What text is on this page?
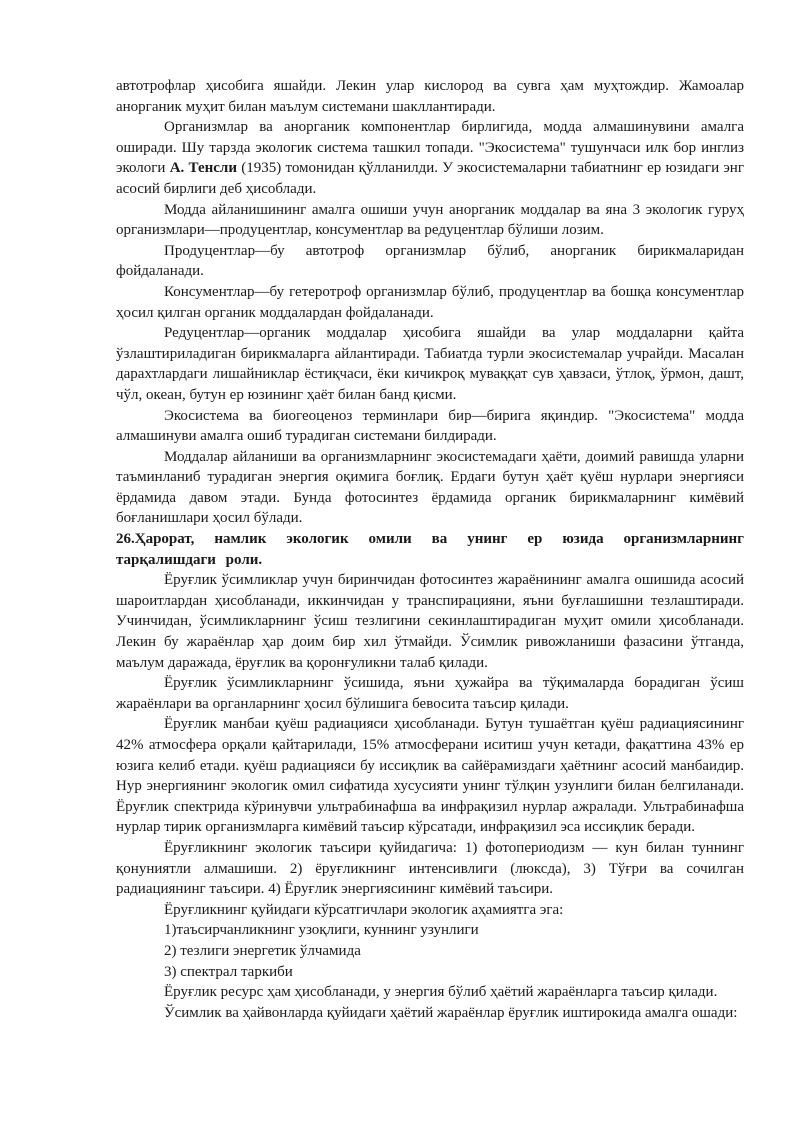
автотрофлар ҳисобига яшайди. Лекин улар кислород ва сувга ҳам муҳтождир. Жамоалар анорганик муҳит билан маълум системани шакллантиради.

Организмлар ва анорганик компонентлар бирлигида, модда алмашинувини амалга оширади. Шу тарзда экологик система ташкил топади. "Экосистема" тушунчаси илк бор инглиз экологи А. Тенсли (1935) томонидан қўлланилди. У экосистемаларни табиатнинг ер юзидаги энг асосий бирлиги деб ҳисоблади.

Модда айланишининг амалга ошиши учун анорганик моддалар ва яна 3 экологик гуруҳ организмлари—продуцентлар, консументлар ва редуцентлар бўлиши лозим.

Продуцентлар—бу автотроф организмлар бўлиб, анорганик бирикмаларидан фойдаланади.

Консументлар—бу гетеротроф организмлар бўлиб, продуцентлар ва бошқа консументлар ҳосил қилган органик моддалардан фойдаланади.

Редуцентлар—органик моддалар ҳисобига яшайди ва улар моддаларни қайта ўзлаштириладиган бирикмаларга айлантиради. Табиатда турли экосистемалар учрайди. Масалан дарахтлардаги лишайниклар ёстиқчаси, ёки кичикроқ муваққат сув ҳавзаси, ўтлоқ, ўрмон, дашт, чўл, океан, бутун ер юзининг ҳаёт билан банд қисми.

Экосистема ва биогеоценоз терминлари бир—бирига яқиндир. "Экосистема" модда алмашинуви амалга ошиб турадиган системани билдиради.

Моддалар айланиши ва организмларнинг экосистемадаги ҳаёти, доимий равишда уларни таъминланиб турадиган энергия оқимига боғлиқ. Ердаги бутун ҳаёт қуёш нурлари энергияси ёрдамида давом этади. Бунда фотосинтез ёрдамида органик бирикмаларнинг кимёвий боғланишлари ҳосил бўлади.

26.Ҳарорат, намлик экологик омили ва унинг ер юзида организмларнинг тарқалишдаги роли.

Ёруғлик ўсимликлар учун биринчидан фотосинтез жараёнининг амалга ошишида асосий шароитлардан ҳисобланади, иккинчидан у транспирацияни, яъни буғлашишни тезлаштиради. Учинчидан, ўсимликларнинг ўсиш тезлигини секинлаштирадиган муҳит омили ҳисобланади. Лекин бу жараёнлар ҳар доим бир хил ўтмайди. Ўсимлик ривожланиши фазасини ўтганда, маълум даражада, ёруғлик ва қоронғуликни талаб қилади.

Ёруғлик ўсимликларнинг ўсишида, яъни ҳужайра ва тўқималарда борадиган ўсиш жараёнлари ва органларнинг ҳосил бўлишига бевосита таъсир қилади.

Ёруғлик манбаи қуёш радиацияси ҳисобланади. Бутун тушаётган қуёш радиациясининг 42% атмосфера орқали қайтарилади, 15% атмосферани иситиш учун кетади, фақаттина 43% ер юзига келиб етади. қуёш радиацияси бу иссиқлик ва сайёрамиздаги ҳаётнинг асосий манбаидир. Нур энергиянинг экологик омил сифатида хусусияти унинг тўлқин узунлиги билан белгиланади. Ёруғлик спектрида кўринувчи ультрабинафша ва инфрақизил нурлар ажралади. Ультрабинафша нурлар тирик организмларга кимёвий таъсир кўрсатади, инфрақизил эса иссиқлик беради.

Ёруғликнинг экологик таъсири қуйидагича: 1) фотопериодизм — кун билан туннинг қонуниятли алмашиши. 2) ёруғликнинг интенсивлиги (люксда), 3) Тўғри ва сочилган радиациянинг таъсири. 4) Ёруғлик энергиясининг кимёвий таъсири.

Ёруғликнинг қуйидаги кўрсатгичлари экологик аҳамиятга эга:

1)таъсирчанликнинг узоқлиги, куннинг узунлиги

2) тезлиги энергетик ўлчамида

3) спектрал таркиби

Ёруғлик ресурс ҳам ҳисобланади, у энергия бўлиб ҳаётий жараёнларга таъсир қилади.

Ўсимлик ва ҳайвонларда қуйидаги ҳаётий жараёнлар ёруғлик иштирокида амалга ошади:
